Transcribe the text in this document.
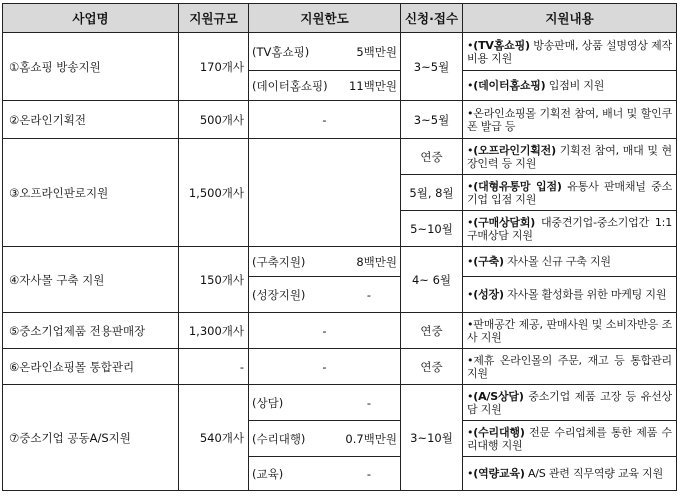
사업명	지원규모	지원한도	신청·접수	지원내용
①홈쇼핑 방송지원	170개사	(TV홈쇼핑) 5백만원	3~5월	•(TV홈쇼핑) 방송판매, 상품 설명영상 제작 비용 지원

		(데이터홈쇼핑) 11백만원		•(데이터홈쇼핑) 입점비 지원
②온라인기획전	500개사	-	3~5월	•온라인쇼핑몰 기획전 참여, 배너 및 할인쿠폰 발급 등
③오프라인판로지원	1,500개사		연중	•(오프라인기획전) 기획전 참여, 매대 및 현장인력 등 지원
			5월, 8월	•(대형유통망 입점) 유통사 판매채널 중소기업 입점 지원
			5~10월	•(구매상담회) 대중견기업-중소기업간 1:1 구매상담 지원
④자사몰 구축 지원	150개사	(구축지원) 8백만원	4~ 6월	•(구축) 자사몰 신규 구축 지원

		(성장지원) -		•(성장) 자사몰 활성화를 위한 마케팅 지원
⑤중소기업제품 전용판매장	1,300개사	-	연중	•판매공간 제공, 판매사원 및 소비자반응 조사 지원
⑥온라인쇼핑몰 통합관리	-	-	연중	•제휴 온라인몰의 주문, 재고 등 통합관리 지원
⑦중소기업 공동A/S지원	540개사	(상담) -	3~10월	•(A/S상담) 중소기업 제품 고장 등 유선상담 지원

		(수리대행) 0.7백만원		•(수리대행) 전문 수리업체를 통한 제품 수리대행 지원

		(교육) -		•(역량교육) A/S 관련 직무역량 교육 지원
